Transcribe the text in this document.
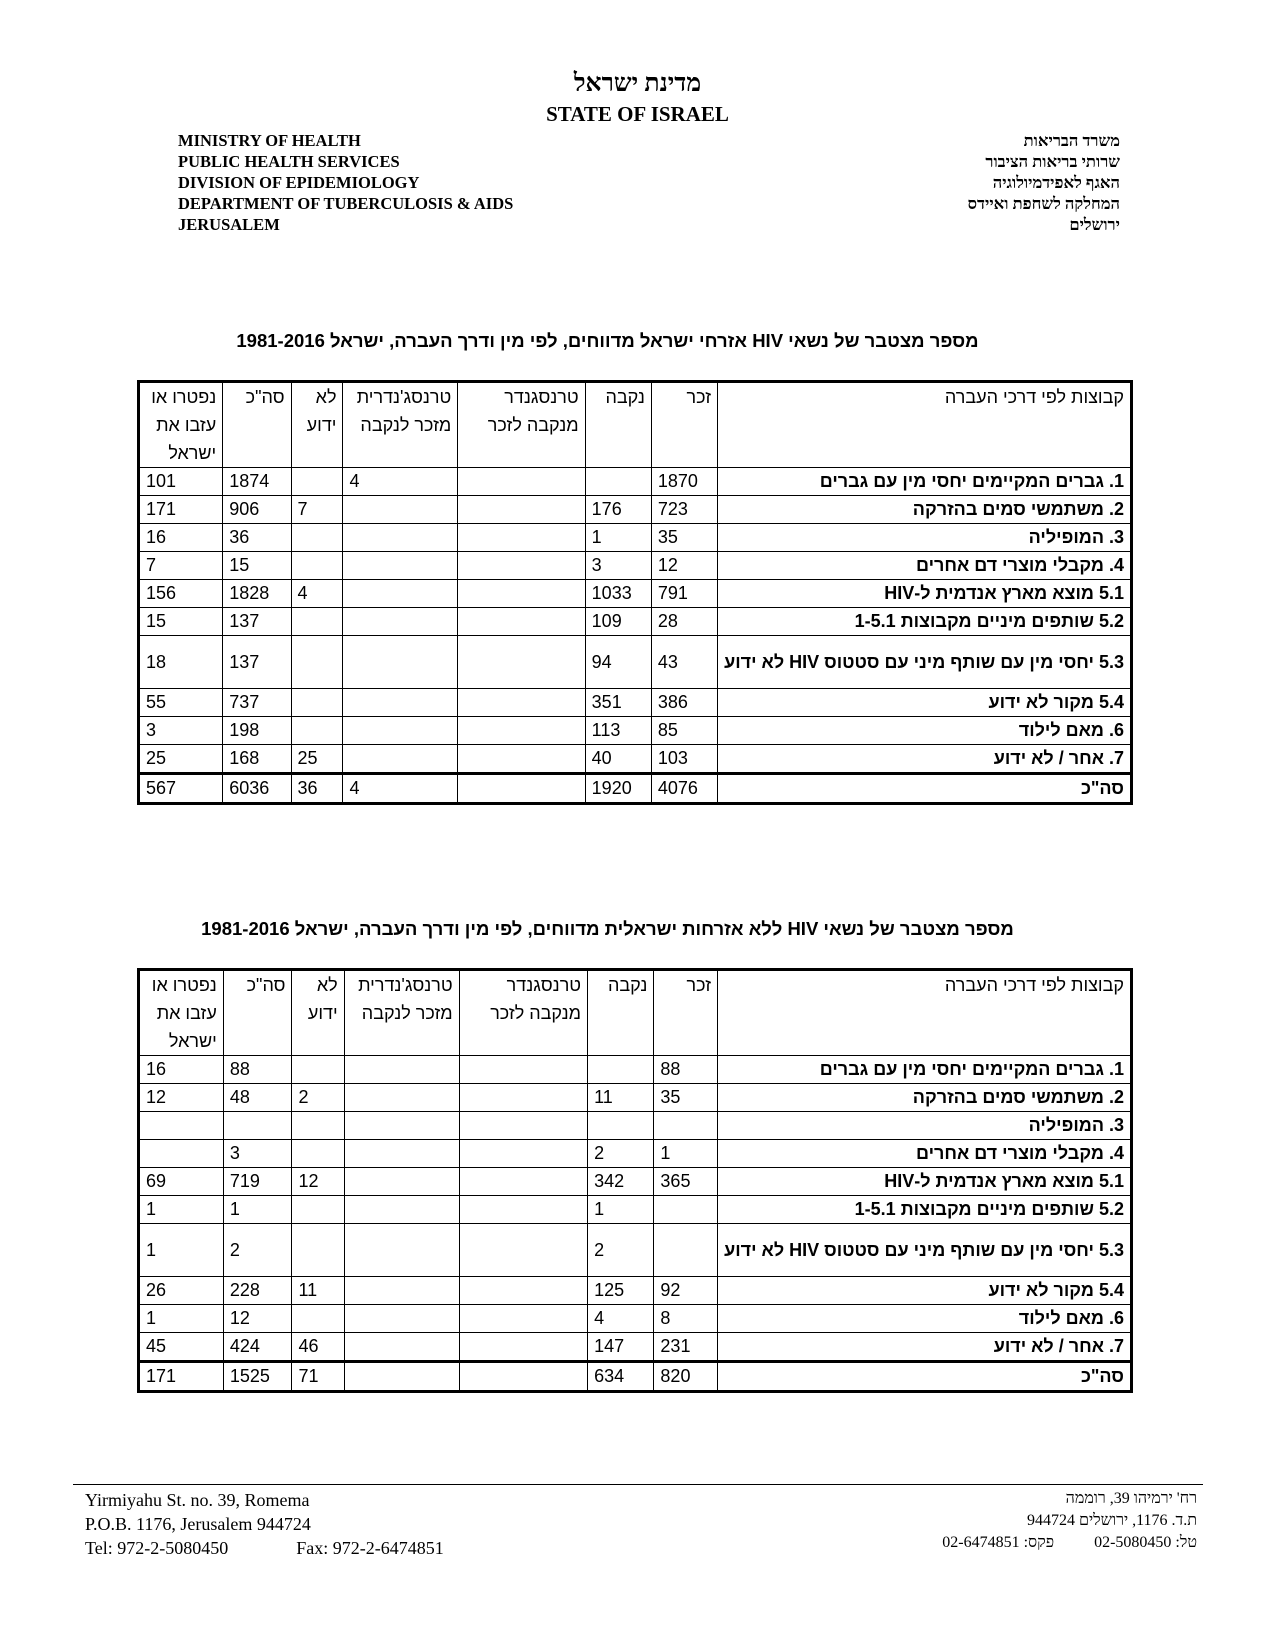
מדינת ישראל
STATE OF ISRAEL
MINISTRY OF HEALTH
PUBLIC HEALTH SERVICES
DIVISION OF EPIDEMIOLOGY
DEPARTMENT OF TUBERCULOSIS & AIDS
JERUSALEM
משרד הבריאות
שרותי בריאות הציבור
האגף לאפידמיולוגיה
המחלקה לשחפת ואיידס
ירושלים
מספר מצטבר של נשאי HIV אזרחי ישראל מדווחים, לפי מין ודרך העברה, ישראל 1981-2016
קבוצות לפי דרכי העברה	זכר	נקבה	טרנסגנדר מנקבה לזכר	טרנסג'נדרית מזכר לנקבה	לא ידוע	סה"כ	נפטרו או עזבו את ישראל
1. גברים המקיימים יחסי מין עם גברים	1870			4		1874	101
2. משתמשי סמים בהזרקה	723	176			7	906	171
3. המופיליה	35	1				36	16
4. מקבלי מוצרי דם אחרים	12	3				15	7
5.1 מוצא מארץ אנדמית ל-HIV	791	1033			4	1828	156
5.2 שותפים מיניים מקבוצות 1-5.1	28	109				137	15
5.3 יחסי מין עם שותף מיני עם סטטוס HIV לא ידוע	43	94				137	18
5.4 מקור לא ידוע	386	351				737	55
6. מאם לילוד	85	113				198	3
7. אחר / לא ידוע	103	40			25	168	25
סה"כ	4076	1920		4	36	6036	567
מספר מצטבר של נשאי HIV ללא אזרחות ישראלית מדווחים, לפי מין ודרך העברה, ישראל 1981-2016
קבוצות לפי דרכי העברה	זכר	נקבה	טרנסגנדר מנקבה לזכר	טרנסג'נדרית מזכר לנקבה	לא ידוע	סה"כ	נפטרו או עזבו את ישראל
1. גברים המקיימים יחסי מין עם גברים	88					88	16
2. משתמשי סמים בהזרקה	35	11			2	48	12
3. המופיליה							
4. מקבלי מוצרי דם אחרים	1	2				3	
5.1 מוצא מארץ אנדמית ל-HIV	365	342			12	719	69
5.2 שותפים מיניים מקבוצות 1-5.1		1				1	1
5.3 יחסי מין עם שותף מיני עם סטטוס HIV לא ידוע		2				2	1
5.4 מקור לא ידוע	92	125			11	228	26
6. מאם לילוד	8	4				12	1
7. אחר / לא ידוע	231	147			46	424	45
סה"כ	820	634			71	1525	171
Yirmiyahu St. no. 39, Romema
P.O.B. 1176, Jerusalem 944724
Tel: 972-2-5080450	Fax: 972-2-6474851
רח' ירמיהו 39, רוממה
ת.ד. 1176, ירושלים 944724
טל: 02-5080450פקס: 02-6474851
